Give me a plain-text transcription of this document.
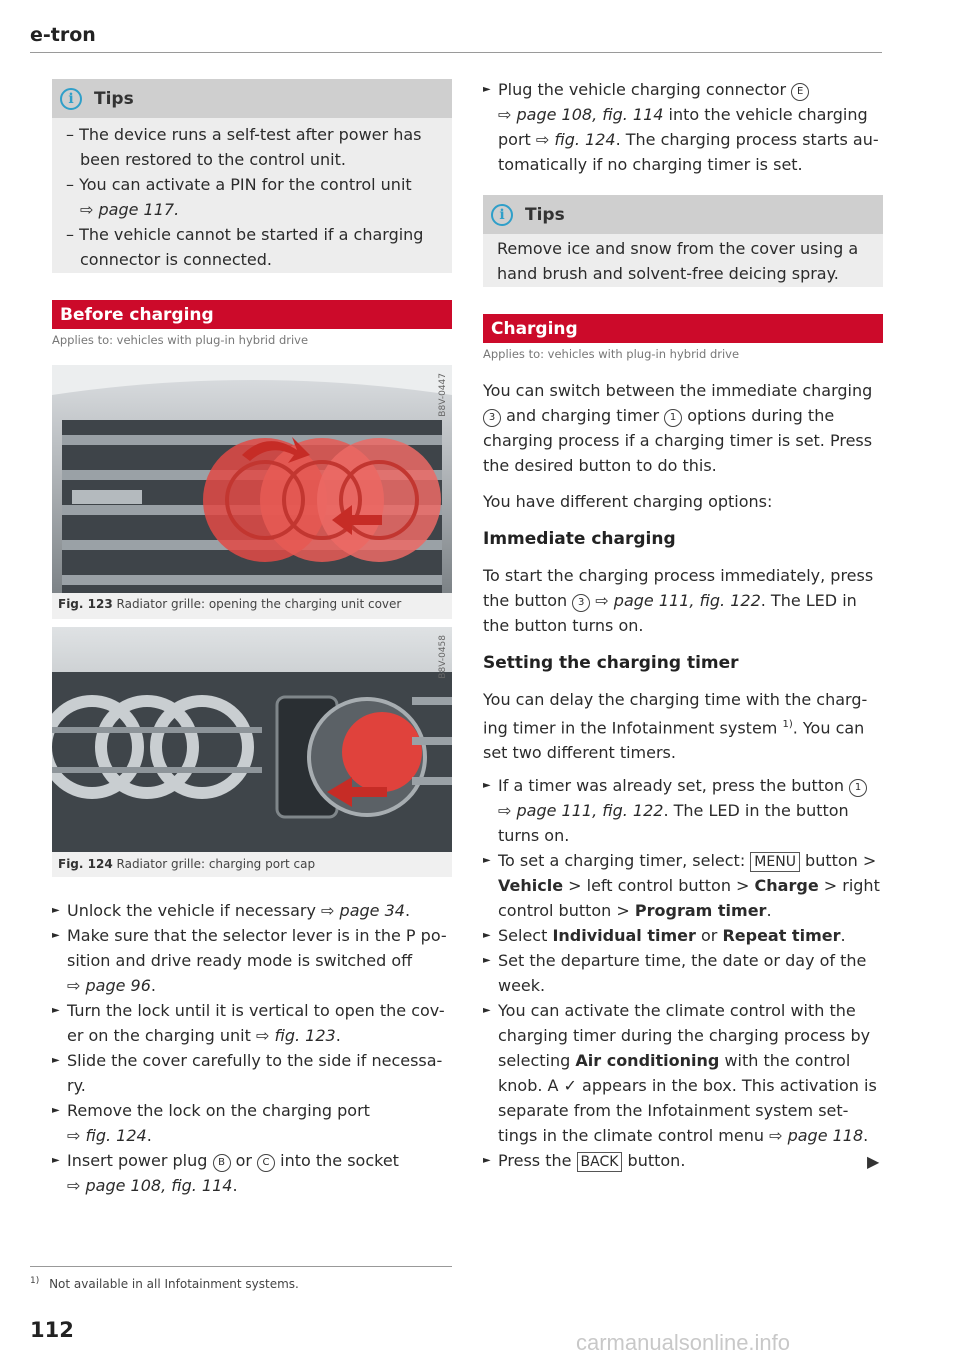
e-tron
i	Tips
– The device runs a self-test after power has
been restored to the control unit.
– You can activate a PIN for the control unit
⇨ page 117.
– The vehicle cannot be started if a charging
connector is connected.
Before charging
Applies to: vehicles with plug-in hybrid drive
B8V-0447
Fig. 123 Radiator grille: opening the charging unit cover
B8V-0458
Fig. 124 Radiator grille: charging port cap
► Unlock the vehicle if necessary ⇨ page 34.
► Make sure that the selector lever is in the P po-
sition and drive ready mode is switched off
⇨ page 96.
► Turn the lock until it is vertical to open the cov-
er on the charging unit ⇨ fig. 123.
► Slide the cover carefully to the side if necessa-
ry.
► Remove the lock on the charging port
⇨ fig. 124.
► Insert power plug B or C into the socket
⇨ page 108, fig. 114.
► Plug the vehicle charging connector E
⇨ page 108, fig. 114 into the vehicle charging
port ⇨ fig. 124. The charging process starts au-
tomatically if no charging timer is set.
i	Tips
Remove ice and snow from the cover using a
hand brush and solvent-free deicing spray.
Charging
Applies to: vehicles with plug-in hybrid drive
You can switch between the immediate charging
3 and charging timer 1 options during the
charging process if a charging timer is set. Press
the desired button to do this.
You have different charging options:
Immediate charging
To start the charging process immediately, press
the button 3 ⇨ page 111, fig. 122. The LED in
the button turns on.
Setting the charging timer
You can delay the charging time with the charg-
ing timer in the Infotainment system $^{1)}$. You can
set two different timers.
► If a timer was already set, press the button 1
⇨ page 111, fig. 122. The LED in the button
turns on.
► To set a charging timer, select: MENU button >
Vehicle > left control button > Charge > right
control button > Program timer.
► Select Individual timer or Repeat timer.
► Set the departure time, the date or day of the
week.
► You can activate the climate control with the
charging timer during the charging process by
selecting Air conditioning with the control
knob. A ✓ appears in the box. This activation is
separate from the Infotainment system set-
tings in the climate control menu ⇨ page 118.
► Press the BACK button.	▶
$^{1)}$ Not available in all Infotainment systems.
112	carmanualsonline.info
